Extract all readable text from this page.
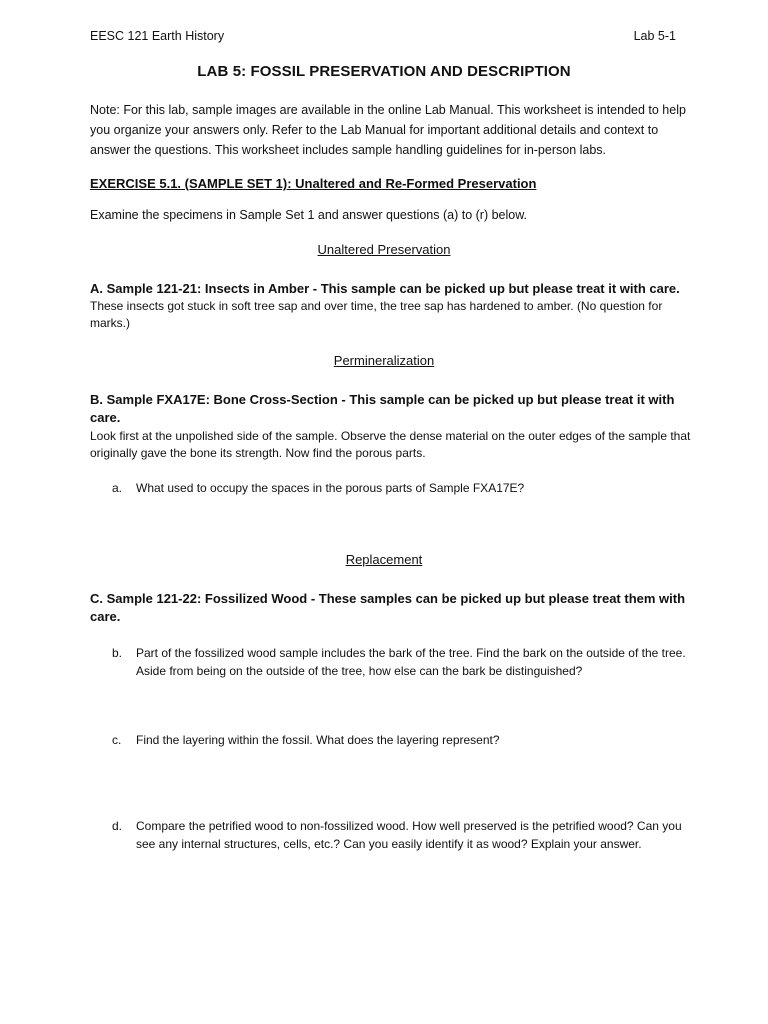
EESC 121 Earth History	Lab 5-1
LAB 5: FOSSIL PRESERVATION AND DESCRIPTION
Note: For this lab, sample images are available in the online Lab Manual. This worksheet is intended to help you organize your answers only. Refer to the Lab Manual for important additional details and context to answer the questions. This worksheet includes sample handling guidelines for in-person labs.
EXERCISE 5.1. (SAMPLE SET 1): Unaltered and Re-Formed Preservation
Examine the specimens in Sample Set 1 and answer questions (a) to (r) below.
Unaltered Preservation
A. Sample 121-21: Insects in Amber - This sample can be picked up but please treat it with care.
These insects got stuck in soft tree sap and over time, the tree sap has hardened to amber. (No question for marks.)
Permineralization
B. Sample FXA17E: Bone Cross-Section - This sample can be picked up but please treat it with care.
Look first at the unpolished side of the sample. Observe the dense material on the outer edges of the sample that originally gave the bone its strength. Now find the porous parts.
a. What used to occupy the spaces in the porous parts of Sample FXA17E?
Replacement
C. Sample 121-22: Fossilized Wood - These samples can be picked up but please treat them with care.
b. Part of the fossilized wood sample includes the bark of the tree. Find the bark on the outside of the tree. Aside from being on the outside of the tree, how else can the bark be distinguished?
c. Find the layering within the fossil. What does the layering represent?
d. Compare the petrified wood to non-fossilized wood. How well preserved is the petrified wood? Can you see any internal structures, cells, etc.? Can you easily identify it as wood? Explain your answer.
